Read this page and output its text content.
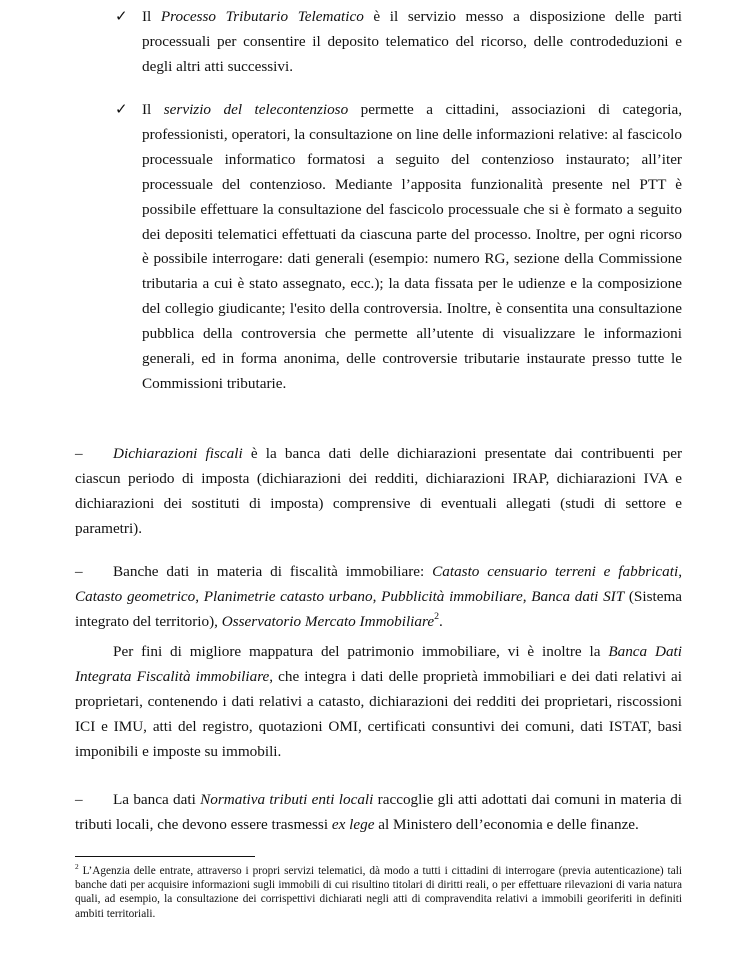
✓ Il Processo Tributario Telematico è il servizio messo a disposizione delle parti processuali per consentire il deposito telematico del ricorso, delle controdeduzioni e degli altri atti successivi.

✓ Il servizio del telecontenzioso permette a cittadini, associazioni di categoria, professionisti, operatori, la consultazione on line delle informazioni relative: al fascicolo processuale informatico formatosi a seguito del contenzioso instaurato; all’iter processuale del contenzioso. Mediante l’apposita funzionalità presente nel PTT è possibile effettuare la consultazione del fascicolo processuale che si è formato a seguito dei depositi telematici effettuati da ciascuna parte del processo. Inoltre, per ogni ricorso è possibile interrogare: dati generali (esempio: numero RG, sezione della Commissione tributaria a cui è stato assegnato, ecc.); la data fissata per le udienze e la composizione del collegio giudicante; l'esito della controversia. Inoltre, è consentita una consultazione pubblica della controversia che permette all’utente di visualizzare le informazioni generali, ed in forma anonima, delle controversie tributarie instaurate presso tutte le Commissioni tributarie.

– Dichiarazioni fiscali è la banca dati delle dichiarazioni presentate dai contribuenti per ciascun periodo di imposta (dichiarazioni dei redditi, dichiarazioni IRAP, dichiarazioni IVA e dichiarazioni dei sostituti di imposta) comprensive di eventuali allegati (studi di settore e parametri).

– Banche dati in materia di fiscalità immobiliare: Catasto censuario terreni e fabbricati, Catasto geometrico, Planimetrie catasto urbano, Pubblicità immobiliare, Banca dati SIT (Sistema integrato del territorio), Osservatorio Mercato Immobiliare$^2$.

Per fini di migliore mappatura del patrimonio immobiliare, vi è inoltre la Banca Dati Integrata Fiscalità immobiliare, che integra i dati delle proprietà immobiliari e dei dati relativi ai proprietari, contenendo i dati relativi a catasto, dichiarazioni dei redditi dei proprietari, riscossioni ICI e IMU, atti del registro, quotazioni OMI, certificati consuntivi dei comuni, dati ISTAT, basi imponibili e imposte su immobili.

– La banca dati Normativa tributi enti locali raccoglie gli atti adottati dai comuni in materia di tributi locali, che devono essere trasmessi ex lege al Ministero dell’economia e delle finanze.

$^2$ L’Agenzia delle entrate, attraverso i propri servizi telematici, dà modo a tutti i cittadini di interrogare (previa autenticazione) tali banche dati per acquisire informazioni sugli immobili di cui risultino titolari di diritti reali, o per effettuare rilevazioni di varia natura quali, ad esempio, la consultazione dei corrispettivi dichiarati negli atti di compravendita relativi a immobili georiferiti in definiti ambiti territoriali.
